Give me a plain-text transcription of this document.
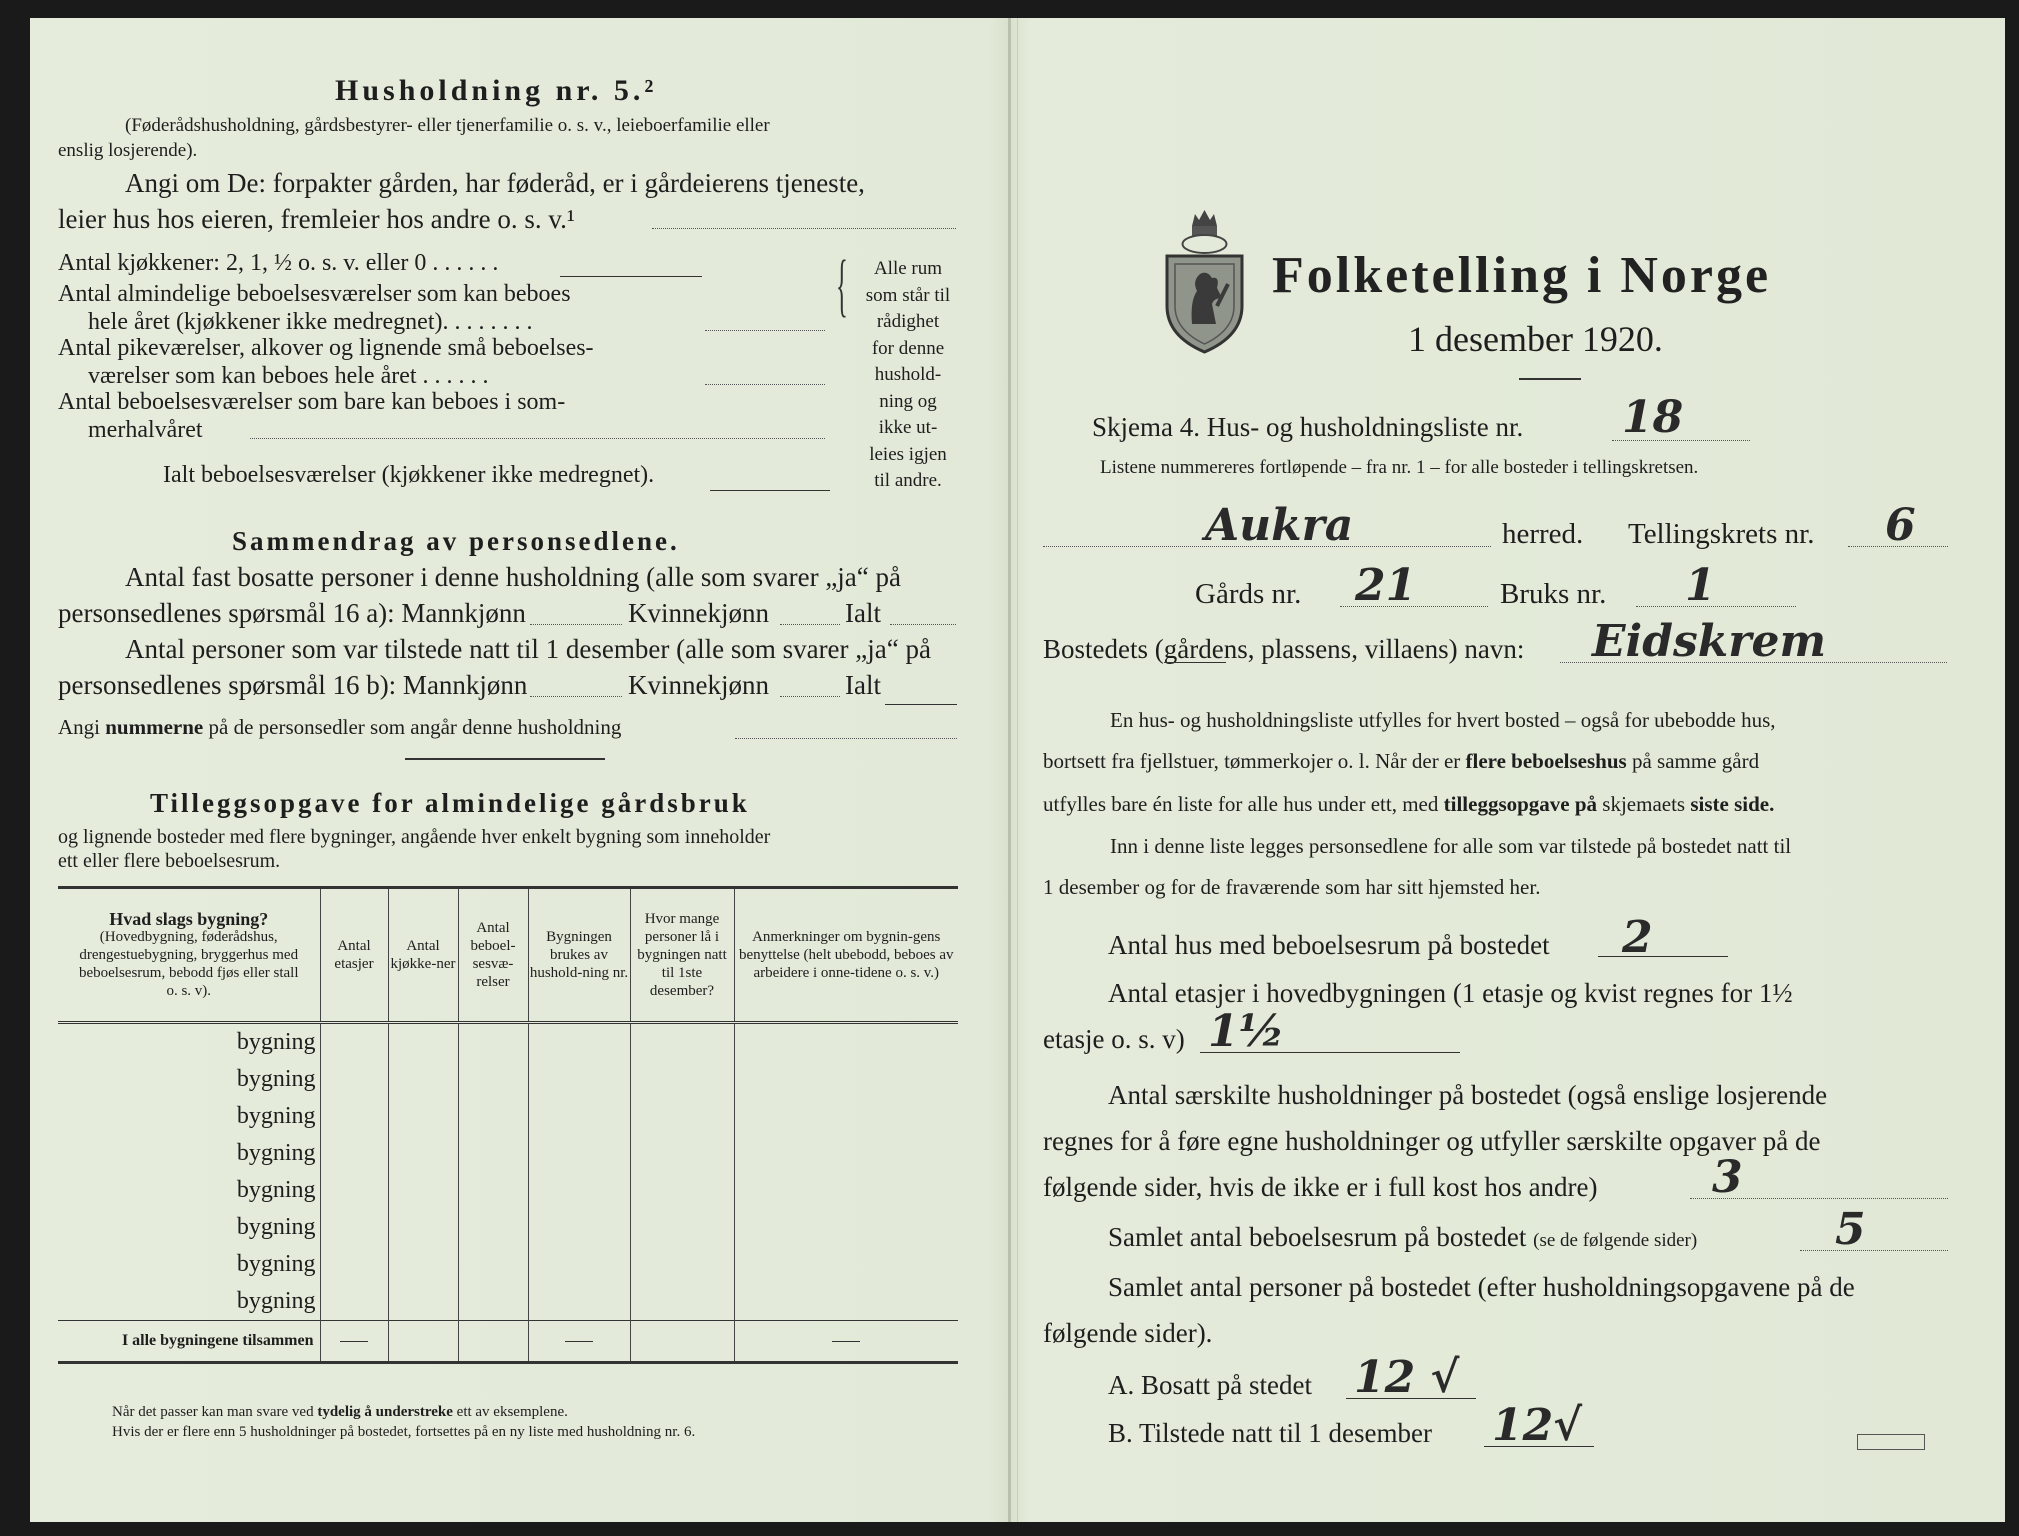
Husholdning nr. 5.²
(Føderådshusholdning, gårdsbestyrer- eller tjenerfamilie o. s. v., leieboerfamilie eller
enslig losjerende).
Angi om De: forpakter gården, har føderåd, er i gårdeierens tjeneste,
leier hus hos eieren, fremleier hos andre o. s. v.¹
Antal kjøkkener: 2, 1, ½ o. s. v. eller 0 . . . . . .
Antal almindelige beboelsesværelser som kan beboes
hele året (kjøkkener ikke medregnet). . . . . . . .
Antal pikeværelser, alkover og lignende små beboelses-
værelser som kan beboes hele året . . . . . .
Antal beboelsesværelser som bare kan beboes i som-
merhalvåret
Ialt beboelsesværelser (kjøkkener ikke medregnet).
{	Alle rum
som står til
rådighet
for denne
hushold-
ning og
ikke ut-
leies igjen
til andre.
Sammendrag av personsedlene.
Antal fast bosatte personer i denne husholdning (alle som svarer „ja“ på
personsedlenes spørsmål 16 a): Mannkjønn	Kvinnekjønn	Ialt
Antal personer som var tilstede natt til 1 desember (alle som svarer „ja“ på
personsedlenes spørsmål 16 b): Mannkjønn	Kvinnekjønn	Ialt
Angi nummerne på de personsedler som angår denne husholdning
Tilleggsopgave for almindelige gårdsbruk
og lignende bosteder med flere bygninger, angående hver enkelt bygning som inneholder
ett eller flere beboelsesrum.
Hvad slags bygning?
(Hovedbygning, føderådshus, drengestuebygning, bryggerhus med beboelsesrum, bebodd fjøs eller stall o. s. v).	Antal etasjer	Antal kjøkke-ner	Antal beboel-sesvæ-relser	Bygningen brukes av hushold-ning nr.	Hvor mange personer lå i bygningen natt til 1ste desember?	Anmerkninger om bygnin-gens benyttelse (helt ubebodd, beboes av arbeidere i onne-tidene o. s. v.)
bygning						
bygning						
bygning						
bygning						
bygning						
bygning						
bygning						
bygning						
I alle bygningene tilsammen						
Når det passer kan man svare ved tydelig å understreke ett av eksemplene.
Hvis der er flere enn 5 husholdninger på bostedet, fortsettes på en ny liste med husholdning nr. 6.
Folketelling i Norge
1 desember 1920.
Skjema 4. Hus- og husholdningsliste nr. 18
Listene nummereres fortløpende – fra nr. 1 – for alle bosteder i tellingskretsen.
Aukra	herred. Tellingskrets nr. 6
Gårds nr. 21	Bruks nr. 1
Bostedets (gårdens, plassens, villaens) navn: Eidskrem
En hus- og husholdningsliste utfylles for hvert bosted – også for ubebodde hus,
bortsett fra fjellstuer, tømmerkojer o. l. Når der er flere beboelseshus på samme gård
utfylles bare én liste for alle hus under ett, med tilleggsopgave på skjemaets siste side.
Inn i denne liste legges personsedlene for alle som var tilstede på bostedet natt til
1 desember og for de fraværende som har sitt hjemsted her.
Antal hus med beboelsesrum på bostedet 2
Antal etasjer i hovedbygningen (1 etasje og kvist regnes for 1½
etasje o. s. v) 1½
Antal særskilte husholdninger på bostedet (også enslige losjerende
regnes for å føre egne husholdninger og utfyller særskilte opgaver på de
følgende sider, hvis de ikke er i full kost hos andre)	3
Samlet antal beboelsesrum på bostedet (se de følgende sider)	5
Samlet antal personer på bostedet (efter husholdningsopgavene på de
følgende sider).
A. Bosatt på stedet 12 √
B. Tilstede natt til 1 desember 12√
